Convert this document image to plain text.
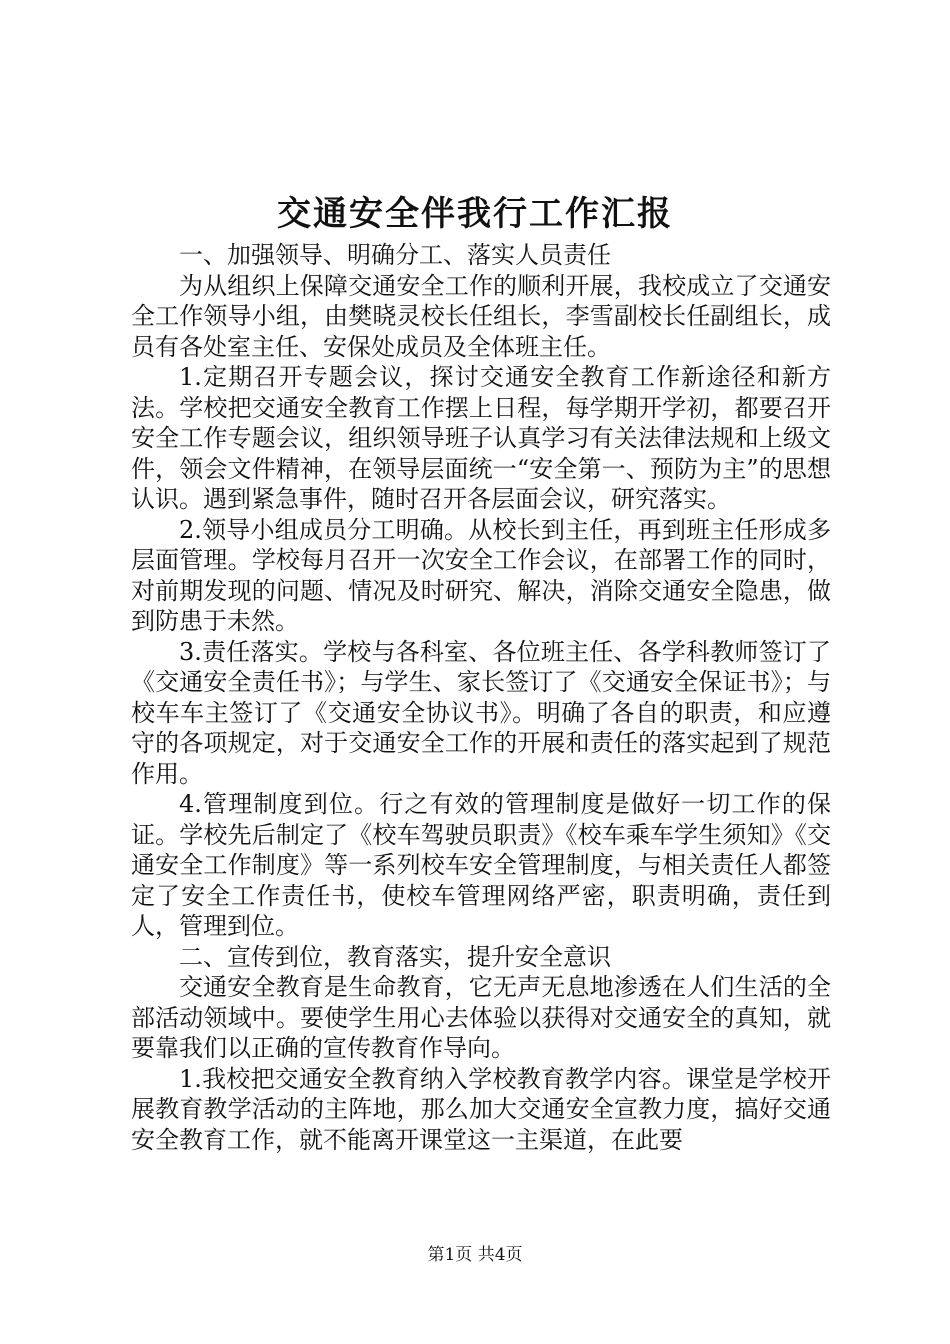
交通安全伴我行工作汇报

一、加强领导、明确分工、落实人员责任

为从组织上保障交通安全工作的顺利开展，我校成立了交通安全工作领导小组，由樊晓灵校长任组长，李雪副校长任副组长，成员有各处室主任、安保处成员及全体班主任。

1.定期召开专题会议，探讨交通安全教育工作新途径和新方法。学校把交通安全教育工作摆上日程，每学期开学初，都要召开安全工作专题会议，组织领导班子认真学习有关法律法规和上级文件，领会文件精神，在领导层面统一“安全第一、预防为主”的思想认识。遇到紧急事件，随时召开各层面会议，研究落实。

2.领导小组成员分工明确。从校长到主任，再到班主任形成多层面管理。学校每月召开一次安全工作会议，在部署工作的同时，对前期发现的问题、情况及时研究、解决，消除交通安全隐患，做到防患于未然。

3.责任落实。学校与各科室、各位班主任、各学科教师签订了《交通安全责任书》；与学生、家长签订了《交通安全保证书》；与校车车主签订了《交通安全协议书》。明确了各自的职责，和应遵守的各项规定，对于交通安全工作的开展和责任的落实起到了规范作用。

4.管理制度到位。行之有效的管理制度是做好一切工作的保证。学校先后制定了《校车驾驶员职责》《校车乘车学生须知》《交通安全工作制度》等一系列校车安全管理制度，与相关责任人都签定了安全工作责任书，使校车管理网络严密，职责明确，责任到人，管理到位。

二、宣传到位，教育落实，提升安全意识

交通安全教育是生命教育，它无声无息地渗透在人们生活的全部活动领域中。要使学生用心去体验以获得对交通安全的真知，就要靠我们以正确的宣传教育作导向。

1.我校把交通安全教育纳入学校教育教学内容。课堂是学校开展教育教学活动的主阵地，那么加大交通安全宣教力度，搞好交通安全教育工作，就不能离开课堂这一主渠道，在此要

第1页 共4页
